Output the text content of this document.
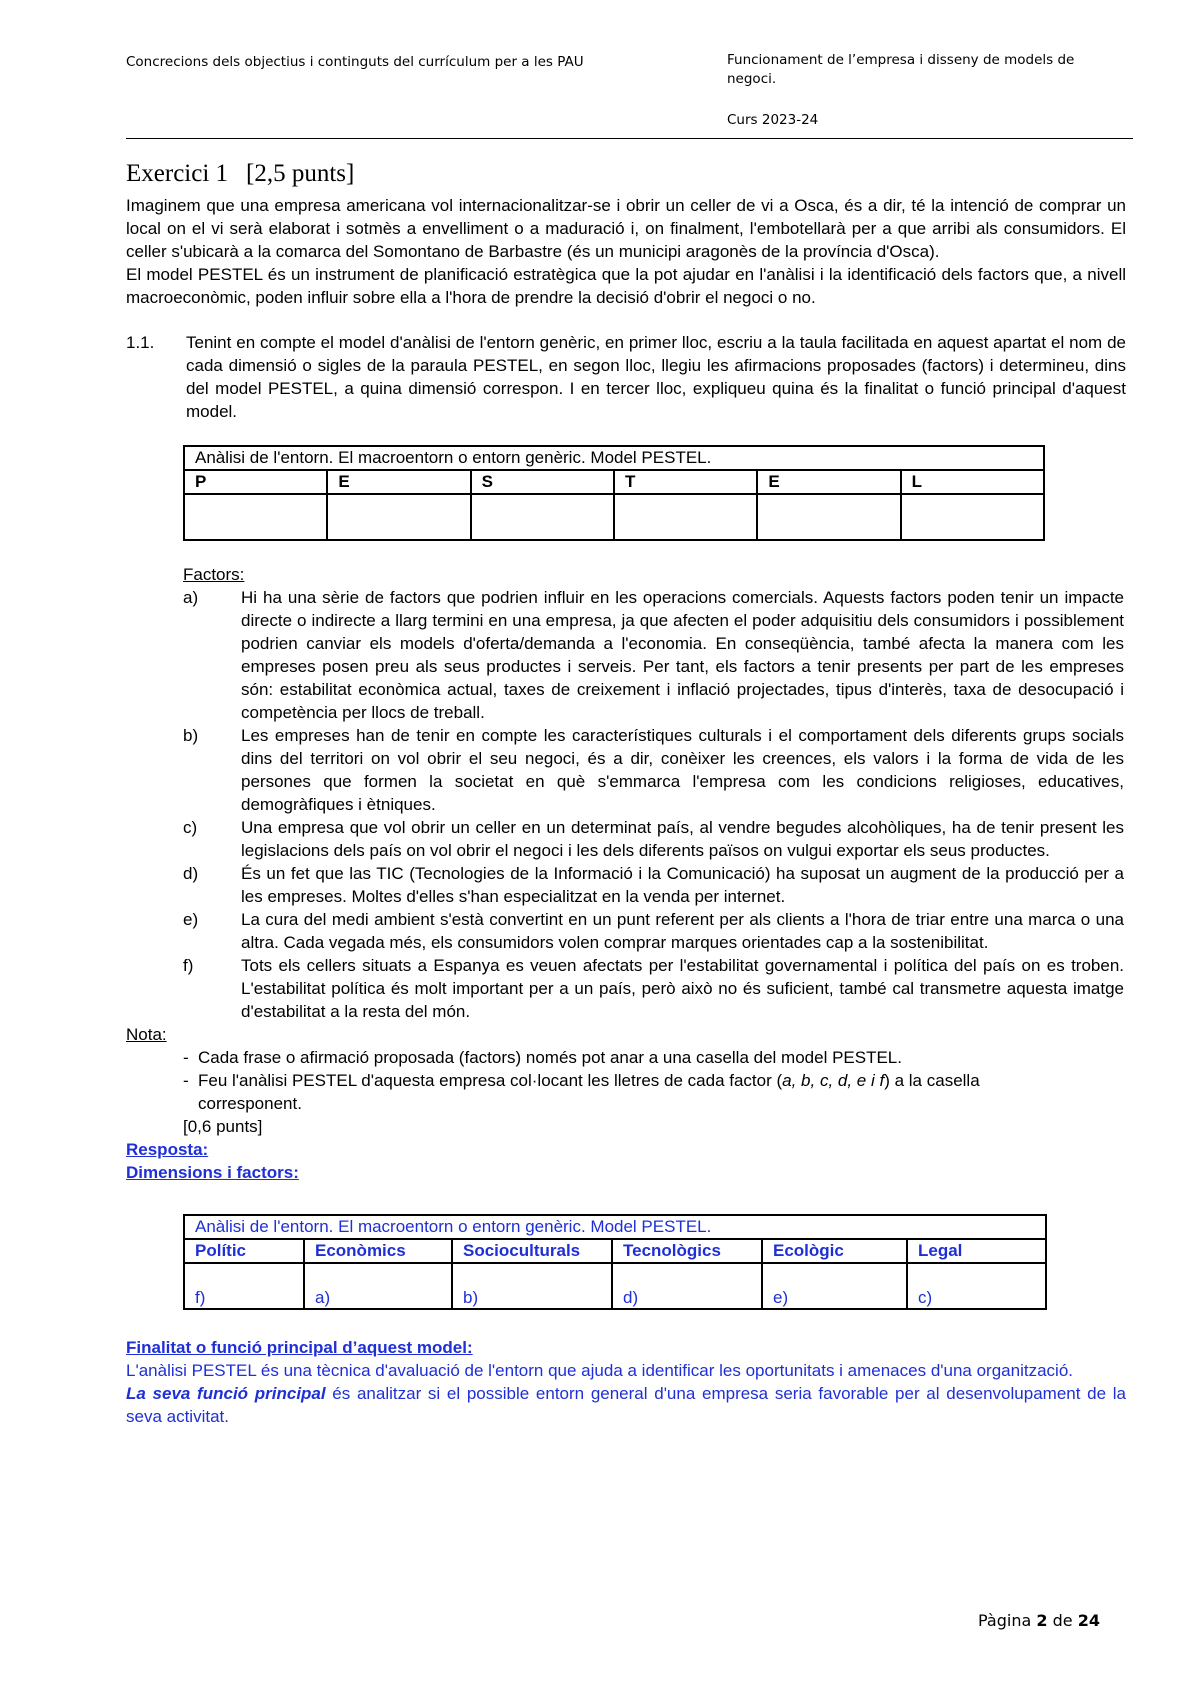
Concrecions dels objectius i continguts del currículum per a les PAU	Funcionament de l’empresa i disseny de models de negoci.
Curs 2023-24
Exercici 1 [2,5 punts]

Imaginem que una empresa americana vol internacionalitzar-se i obrir un celler de vi a Osca, és a dir, té la intenció de comprar un local on el vi serà elaborat i sotmès a envelliment o a maduració i, on finalment, l'embotellarà per a que arribi als consumidors. El celler s'ubicarà a la comarca del Somontano de Barbastre (és un municipi aragonès de la província d'Osca).

El model PESTEL és un instrument de planificació estratègica que la pot ajudar en l'anàlisi i la identificació dels factors que, a nivell macroeconòmic, poden influir sobre ella a l'hora de prendre la decisió d'obrir el negoci o no.

1.1.	Tenint en compte el model d'anàlisi de l'entorn genèric, en primer lloc, escriu a la taula facilitada en aquest apartat el nom de cada dimensió o sigles de la paraula PESTEL, en segon lloc, llegiu les afirmacions proposades (factors) i determineu, dins del model PESTEL, a quina dimensió correspon. I en tercer lloc, expliqueu quina és la finalitat o funció principal d'aquest model.
Anàlisi de l'entorn. El macroentorn o entorn genèric. Model PESTEL.					
P	E	S	T	E	L

Factors:
a)	Hi ha una sèrie de factors que podrien influir en les operacions comercials. Aquests factors poden tenir un impacte directe o indirecte a llarg termini en una empresa, ja que afecten el poder adquisitiu dels consumidors i possiblement podrien canviar els models d'oferta/demanda a l'economia. En conseqüència, també afecta la manera com les empreses posen preu als seus productes i serveis. Per tant, els factors a tenir presents per part de les empreses són: estabilitat econòmica actual, taxes de creixement i inflació projectades, tipus d'interès, taxa de desocupació i competència per llocs de treball.
b)	Les empreses han de tenir en compte les característiques culturals i el comportament dels diferents grups socials dins del territori on vol obrir el seu negoci, és a dir, conèixer les creences, els valors i la forma de vida de les persones que formen la societat en què s'emmarca l'empresa com les condicions religioses, educatives, demogràfiques i ètniques.
c)	Una empresa que vol obrir un celler en un determinat país, al vendre begudes alcohòliques, ha de tenir present les legislacions dels país on vol obrir el negoci i les dels diferents països on vulgui exportar els seus productes.
d)	És un fet que las TIC (Tecnologies de la Informació i la Comunicació) ha suposat un augment de la producció per a les empreses. Moltes d'elles s'han especialitzat en la venda per internet.
e)	La cura del medi ambient s'està convertint en un punt referent per als clients a l'hora de triar entre una marca o una altra. Cada vegada més, els consumidors volen comprar marques orientades cap a la sostenibilitat.
f)	Tots els cellers situats a Espanya es veuen afectats per l'estabilitat governamental i política del país on es troben. L'estabilitat política és molt important per a un país, però això no és suficient, també cal transmetre aquesta imatge d'estabilitat a la resta del món.
Nota:
- Cada frase o afirmació proposada (factors) només pot anar a una casella del model PESTEL.
- Feu l'anàlisi PESTEL d'aquesta empresa col·locant les lletres de cada factor (a, b, c, d, e i f) a la casella corresponent.
[0,6 punts]
Resposta:
Dimensions i factors:
Anàlisi de l'entorn. El macroentorn o entorn genèric. Model PESTEL.					
Polític	Econòmics	Socioculturals	Tecnològics	Ecològic	Legal
f)	a)	b)	d)	e)	c)
Finalitat o funció principal d’aquest model:
L'anàlisi PESTEL és una tècnica d'avaluació de l'entorn que ajuda a identificar les oportunitats i amenaces d'una organització.
La seva funció principal és analitzar si el possible entorn general d'una empresa seria favorable per al desenvolupament de la seva activitat.
Pàgina 2 de 24
